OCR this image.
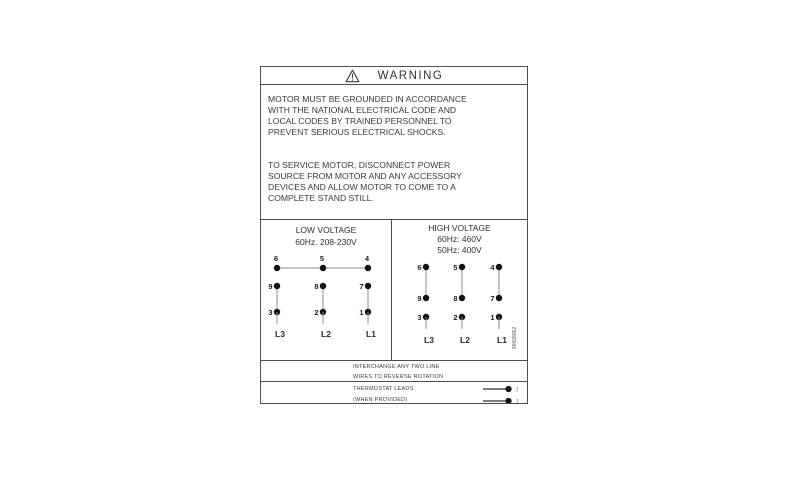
WARNING
MOTOR MUST BE GROUNDED IN ACCORDANCE
WITH THE NATIONAL ELECTRICAL CODE AND
LOCAL CODES BY TRAINED PERSONNEL TO
PREVENT SERIOUS ELECTRICAL SHOCKS.
TO SERVICE MOTOR, DISCONNECT POWER
SOURCE FROM MOTOR AND ANY ACCESSORY
DEVICES AND ALLOW MOTOR TO COME TO A
COMPLETE STAND STILL.
LOW VOLTAGE
60Hz. 208-230V
6	5	4
9	8	7
3	2	1
L3	L2	L1
HIGH VOLTAGE
60Hz: 460V
50Hz: 400V
6	5	4
9	8	7
3	2	1
L3	L2	L1 96608062
INTERCHANGE ANY TWO LINE
WIRES TO REVERSE ROTATION
THERMOSTAT LEADS
(WHEN PROVIDED)
J
J
